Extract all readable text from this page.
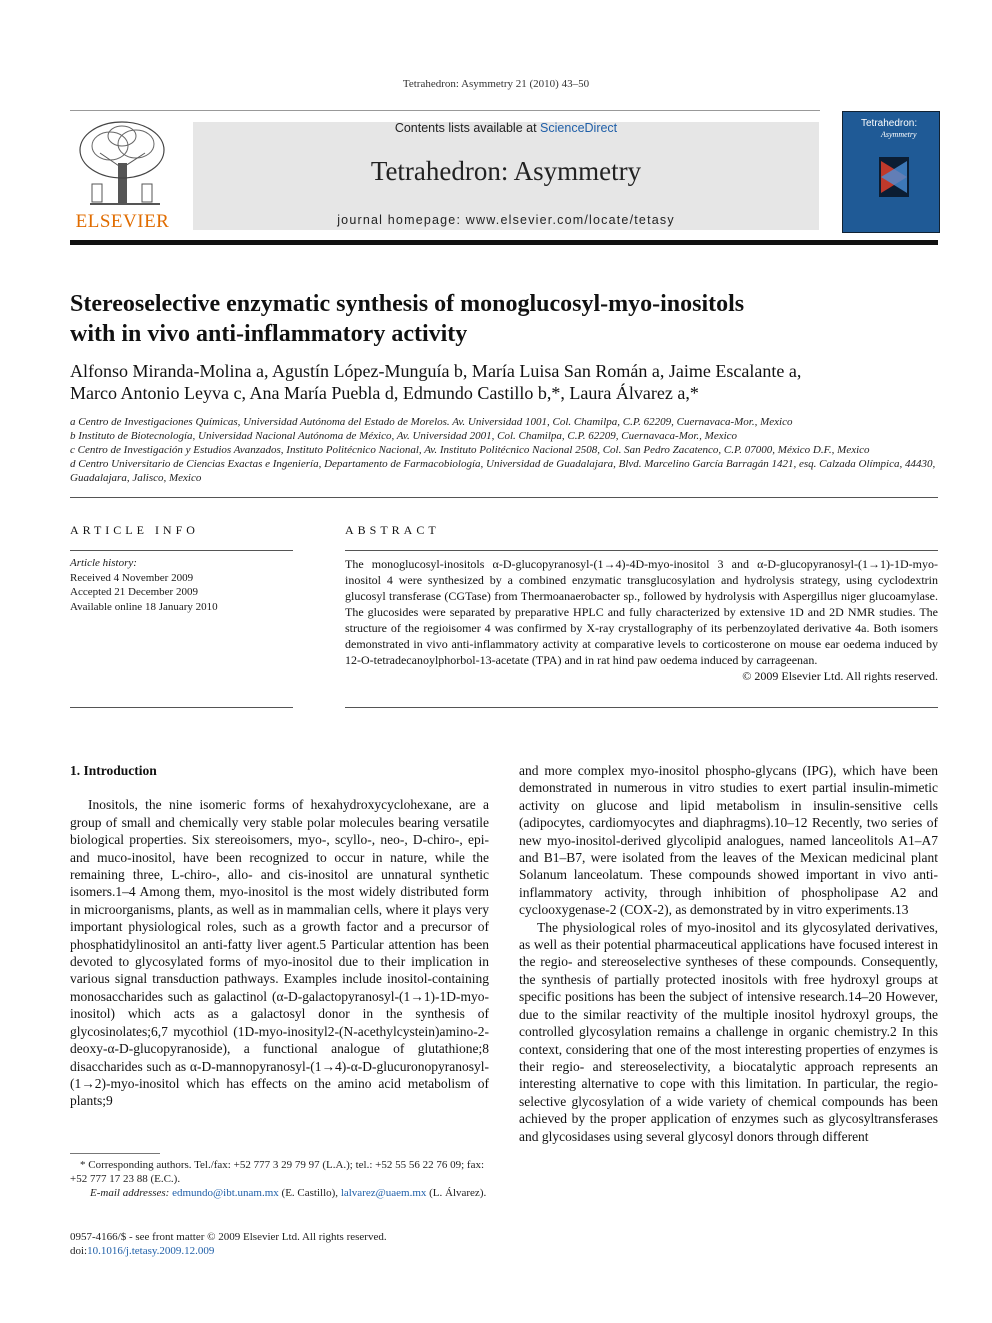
Tetrahedron: Asymmetry 21 (2010) 43–50
ELSEVIER
Contents lists available at ScienceDirect
Tetrahedron: Asymmetry
journal homepage: www.elsevier.com/locate/tetasy
Tetrahedron:
Asymmetry
Stereoselective enzymatic synthesis of monoglucosyl-myo-inositols
with in vivo anti-inflammatory activity
Alfonso Miranda-Molina a, Agustín López-Munguía b, María Luisa San Román a, Jaime Escalante a,
Marco Antonio Leyva c, Ana María Puebla d, Edmundo Castillo b,*, Laura Álvarez a,*
a Centro de Investigaciones Químicas, Universidad Autónoma del Estado de Morelos. Av. Universidad 1001, Col. Chamilpa, C.P. 62209, Cuernavaca-Mor., Mexico
b Instituto de Biotecnología, Universidad Nacional Autónoma de México, Av. Universidad 2001, Col. Chamilpa, C.P. 62209, Cuernavaca-Mor., Mexico
c Centro de Investigación y Estudios Avanzados, Instituto Politécnico Nacional, Av. Instituto Politécnico Nacional 2508, Col. San Pedro Zacatenco, C.P. 07000, México D.F., Mexico
d Centro Universitario de Ciencias Exactas e Ingeniería, Departamento de Farmacobiología, Universidad de Guadalajara, Blvd. Marcelino García Barragán 1421, esq. Calzada Olímpica, 44430, Guadalajara, Jalisco, Mexico
ARTICLE INFO
Article history:
Received 4 November 2009
Accepted 21 December 2009
Available online 18 January 2010
ABSTRACT
The monoglucosyl-inositols α-D-glucopyranosyl-(1→4)-4D-myo-inositol 3 and α-D-glucopyranosyl-(1→1)-1D-myo-inositol 4 were synthesized by a combined enzymatic transglucosylation and hydrolysis strategy, using cyclodextrin glucosyl transferase (CGTase) from Thermoanaerobacter sp., followed by hydrolysis with Aspergillus niger glucoamylase. The glucosides were separated by preparative HPLC and fully characterized by extensive 1D and 2D NMR studies. The structure of the regioisomer 4 was confirmed by X-ray crystallography of its perbenzoylated derivative 4a. Both isomers demonstrated in vivo anti-inflammatory activity at comparative levels to corticosterone on mouse ear oedema induced by 12-O-tetradecanoylphorbol-13-acetate (TPA) and in rat hind paw oedema induced by carrageenan.
© 2009 Elsevier Ltd. All rights reserved.

1. Introduction

Inositols, the nine isomeric forms of hexahydroxycyclohexane, are a group of small and chemically very stable polar molecules bearing versatile biological properties. Six stereoisomers, myo-, scyllo-, neo-, D-chiro-, epi- and muco-inositol, have been recognized to occur in nature, while the remaining three, L-chiro-, allo- and cis-inositol are unnatural synthetic isomers.1–4 Among them, myo-inositol is the most widely distributed form in microorganisms, plants, as well as in mammalian cells, where it plays very important physiological roles, such as a growth factor and a precursor of phosphatidylinositol an anti-fatty liver agent.5 Particular attention has been devoted to glycosylated forms of myo-inositol due to their implication in various signal transduction pathways. Examples include inositol-containing monosaccharides such as galactinol (α-D-galactopyranosyl-(1→1)-1D-myo-inositol) which acts as a galactosyl donor in the synthesis of glycosinolates;6,7 mycothiol (1D-myo-inosityl2-(N-acethylcystein)amino-2-deoxy-α-D-glucopyranoside), a functional analogue of glutathione;8 disaccharides such as α-D-mannopyranosyl-(1→4)-α-D-glucuronopyranosyl-(1→2)-myo-inositol which has effects on the amino acid metabolism of plants;9

and more complex myo-inositol phospho-glycans (IPG), which have been demonstrated in numerous in vitro studies to exert partial insulin-mimetic activity on glucose and lipid metabolism in insulin-sensitive cells (adipocytes, cardiomyocytes and diaphragms).10–12 Recently, two series of new myo-inositol-derived glycolipid analogues, named lanceolitols A1–A7 and B1–B7, were isolated from the leaves of the Mexican medicinal plant Solanum lanceolatum. These compounds showed important in vivo anti-inflammatory activity, through inhibition of phospholipase A2 and cyclooxygenase-2 (COX-2), as demonstrated by in vitro experiments.13

The physiological roles of myo-inositol and its glycosylated derivatives, as well as their potential pharmaceutical applications have focused interest in the regio- and stereoselective syntheses of these compounds. Consequently, the synthesis of partially protected inositols with free hydroxyl groups at specific positions has been the subject of intensive research.14–20 However, due to the similar reactivity of the multiple inositol hydroxyl groups, the controlled glycosylation remains a challenge in organic chemistry.2 In this context, considering that one of the most interesting properties of enzymes is their regio- and stereoselectivity, a biocatalytic approach represents an interesting alternative to cope with this limitation. In particular, the regio-selective glycosylation of a wide variety of chemical compounds has been achieved by the proper application of enzymes such as glycosyltransferases and glycosidases using several glycosyl donors through different

* Corresponding authors. Tel./fax: +52 777 3 29 79 97 (L.A.); tel.: +52 55 56 22 76 09; fax: +52 777 17 23 88 (E.C.).
E-mail addresses: edmundo@ibt.unam.mx (E. Castillo), lalvarez@uaem.mx (L. Álvarez).
0957-4166/$ - see front matter © 2009 Elsevier Ltd. All rights reserved.
doi:10.1016/j.tetasy.2009.12.009
